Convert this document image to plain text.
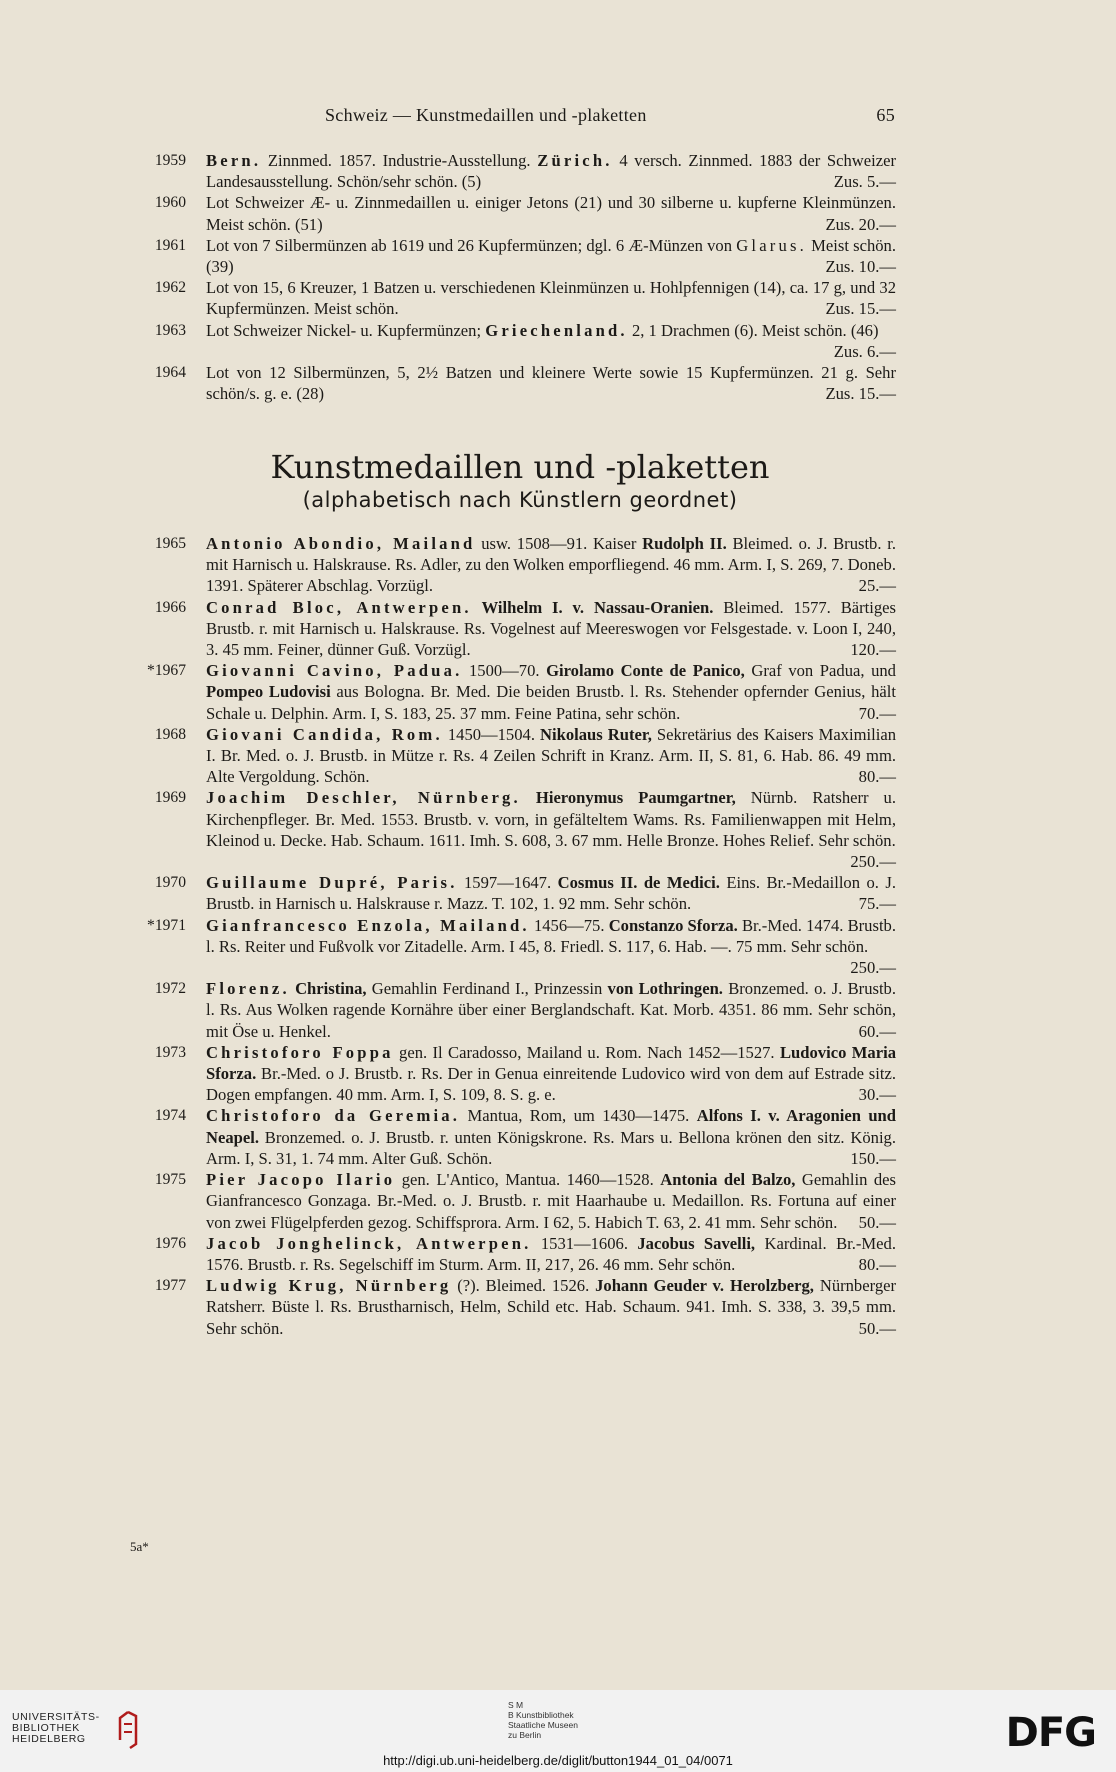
Schweiz — Kunstmedaillen und -plaketten	65
1959 Bern. Zinnmed. 1857. Industrie-Ausstellung. Zürich. 4 versch. Zinnmed. 1883 der Schweizer Landesausstellung. Schön/sehr schön. (5)	Zus. 5.—
1960 Lot Schweizer Æ- u. Zinnmedaillen u. einiger Jetons (21) und 30 silberne u. kupferne Kleinmünzen. Meist schön. (51)	Zus. 20.—
1961 Lot von 7 Silbermünzen ab 1619 und 26 Kupfermünzen; dgl. 6 Æ-Münzen von Glarus. Meist schön. (39)	Zus. 10.—
1962 Lot von 15, 6 Kreuzer, 1 Batzen u. verschiedenen Kleinmünzen u. Hohlpfennigen (14), ca. 17 g, und 32 Kupfermünzen. Meist schön.	Zus. 15.—
1963 Lot Schweizer Nickel- u. Kupfermünzen; Griechenland. 2, 1 Drachmen (6). Meist schön. (46)
Zus. 6.—
1964 Lot von 12 Silbermünzen, 5, 2½ Batzen und kleinere Werte sowie 15 Kupfermünzen. 21 g. Sehr schön/s. g. e. (28)	Zus. 15.—
Kunstmedaillen und -plaketten
(alphabetisch nach Künstlern geordnet)
1965 Antonio Abondio, Mailand usw. 1508—91. Kaiser Rudolph II. Bleimed. o. J. Brustb. r. mit Harnisch u. Halskrause. Rs. Adler, zu den Wolken emporfliegend. 46 mm. Arm. I, S. 269, 7. Doneb. 1391. Späterer Abschlag. Vorzügl.	25.—
1966 Conrad Bloc, Antwerpen. Wilhelm I. v. Nassau-Oranien. Bleimed. 1577. Bärtiges Brustb. r. mit Harnisch u. Halskrause. Rs. Vogelnest auf Meereswogen vor Felsgestade. v. Loon I, 240, 3. 45 mm. Feiner, dünner Guß. Vorzügl.	120.—
*1967 Giovanni Cavino, Padua. 1500—70. Girolamo Conte de Panico, Graf von Padua, und Pompeo Ludovisi aus Bologna. Br. Med. Die beiden Brustb. l. Rs. Stehender opfernder Genius, hält Schale u. Delphin. Arm. I, S. 183, 25. 37 mm. Feine Patina, sehr schön.	70.—
1968 Giovani Candida, Rom. 1450—1504. Nikolaus Ruter, Sekretärius des Kaisers Maximilian I. Br. Med. o. J. Brustb. in Mütze r. Rs. 4 Zeilen Schrift in Kranz. Arm. II, S. 81, 6. Hab. 86. 49 mm. Alte Vergoldung. Schön.	80.—
1969 Joachim Deschler, Nürnberg. Hieronymus Paumgartner, Nürnb. Ratsherr u. Kirchenpfleger. Br. Med. 1553. Brustb. v. vorn, in gefälteltem Wams. Rs. Familienwappen mit Helm, Kleinod u. Decke. Hab. Schaum. 1611. Imh. S. 608, 3. 67 mm. Helle Bronze. Hohes Relief. Sehr schön.
250.—
1970 Guillaume Dupré, Paris. 1597—1647. Cosmus II. de Medici. Eins. Br.-Medaillon o. J. Brustb. in Harnisch u. Halskrause r. Mazz. T. 102, 1. 92 mm. Sehr schön.	75.—
*1971 Gianfrancesco Enzola, Mailand. 1456—75. Constanzo Sforza. Br.-Med. 1474. Brustb. l. Rs. Reiter und Fußvolk vor Zitadelle. Arm. I 45, 8. Friedl. S. 117, 6. Hab. —. 75 mm. Sehr schön.
250.—
1972 Florenz. Christina, Gemahlin Ferdinand I., Prinzessin von Lothringen. Bronzemed. o. J. Brustb. l. Rs. Aus Wolken ragende Kornähre über einer Berglandschaft. Kat. Morb. 4351. 86 mm. Sehr schön, mit Öse u. Henkel.	60.—
1973 Christoforo Foppa gen. Il Caradosso, Mailand u. Rom. Nach 1452—1527. Ludovico Maria Sforza. Br.-Med. o J. Brustb. r. Rs. Der in Genua einreitende Ludovico wird von dem auf Estrade sitz. Dogen empfangen. 40 mm. Arm. I, S. 109, 8. S. g. e.	30.—
1974 Christoforo da Geremia. Mantua, Rom, um 1430—1475. Alfons I. v. Aragonien und Neapel. Bronzemed. o. J. Brustb. r. unten Königskrone. Rs. Mars u. Bellona krönen den sitz. König. Arm. I, S. 31, 1. 74 mm. Alter Guß. Schön.	150.—
1975 Pier Jacopo Ilario gen. L'Antico, Mantua. 1460—1528. Antonia del Balzo, Gemahlin des Gianfrancesco Gonzaga. Br.-Med. o. J. Brustb. r. mit Haarhaube u. Medaillon. Rs. Fortuna auf einer von zwei Flügelpferden gezog. Schiffsprora. Arm. I 62, 5. Habich T. 63, 2. 41 mm. Sehr schön.	50.—
1976 Jacob Jonghelinck, Antwerpen. 1531—1606. Jacobus Savelli, Kardinal. Br.-Med. 1576. Brustb. r. Rs. Segelschiff im Sturm. Arm. II, 217, 26. 46 mm. Sehr schön.	80.—
1977 Ludwig Krug, Nürnberg (?). Bleimed. 1526. Johann Geuder v. Herolzberg, Nürnberger Ratsherr. Büste l. Rs. Brustharnisch, Helm, Schild etc. Hab. Schaum. 941. Imh. S. 338, 3. 39,5 mm. Sehr schön.	50.—
5a*
UNIVERSITÄTS-
BIBLIOTHEK
HEIDELBERG
S M
B Kunstbibliothek
Staatliche Museen
zu Berlin	DFG
http://digi.ub.uni-heidelberg.de/diglit/button1944_01_04/0071
